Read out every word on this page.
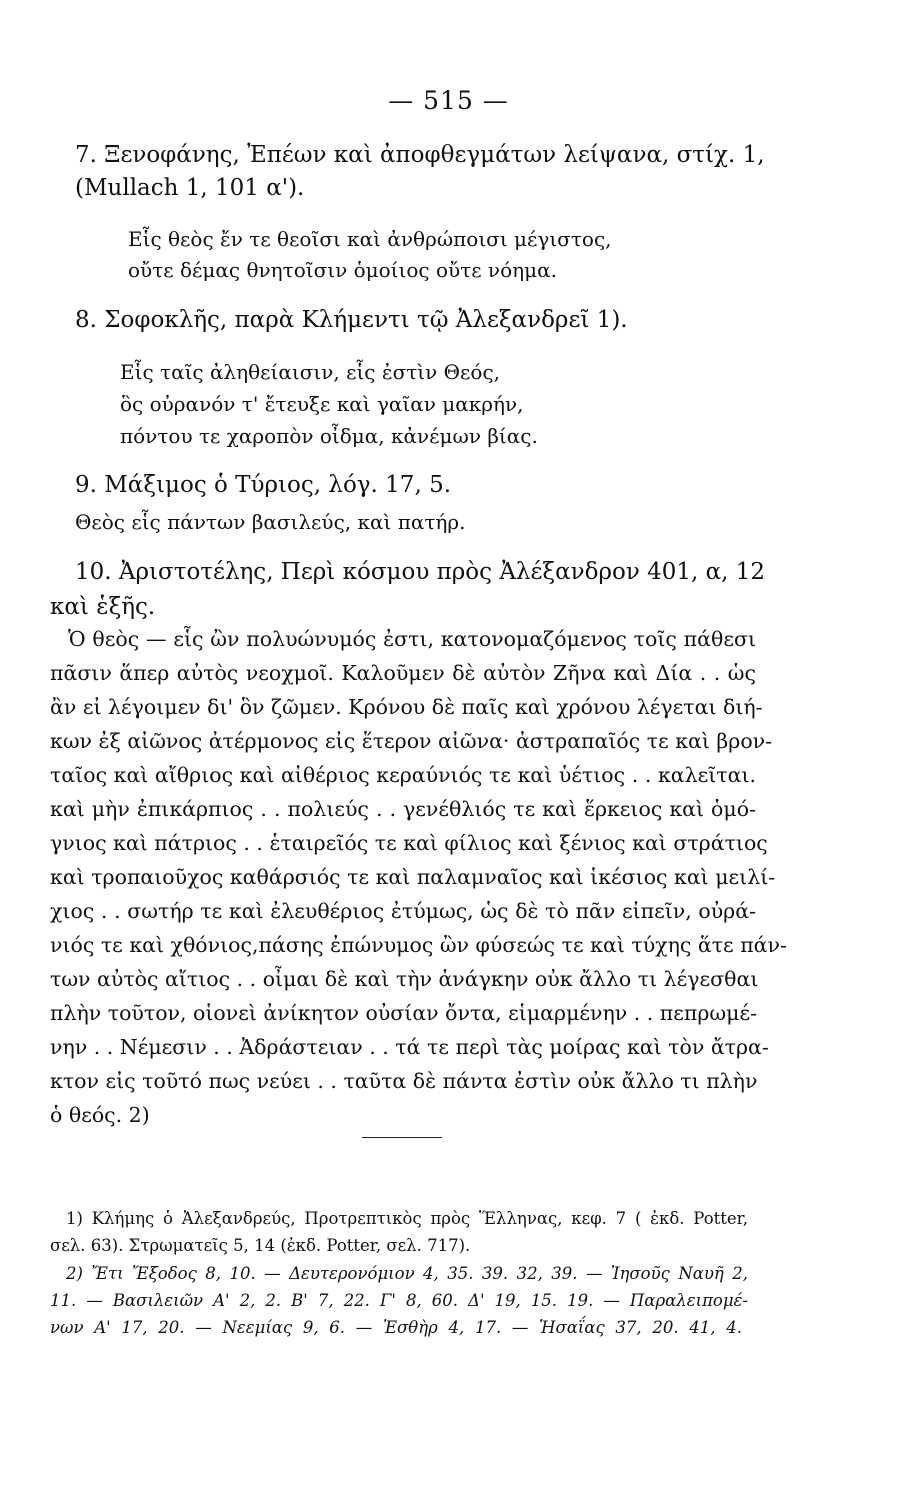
— 515 —

7. Ξενοφάνης, Ἐπέων καὶ ἀποφθεγμάτων λείψανα, στίχ. 1,

(Mullach 1, 101 α').

Εἷς θεὸς ἔν τε θεοῖσι καὶ ἀνθρώποισι μέγιστος,

οὔτε δέμας θνητοῖσιν ὁμοίιος οὔτε νόημα.

8. Σοφοκλῆς, παρὰ Κλήμεντι τῷ Ἀλεξανδρεῖ 1).

Εἷς ταῖς ἀληθείαισιν, εἷς ἐστὶν Θεός,

ὃς οὐρανόν τ' ἔτευξε καὶ γαῖαν μακρήν,

πόντου τε χαροπὸν οἶδμα, κἀνέμων βίας.

9. Μάξιμος ὁ Τύριος, λόγ. 17, 5.

Θεὸς εἷς πάντων βασιλεύς, καὶ πατήρ.

10. Ἀριστοτέλης, Περὶ κόσμου πρὸς Ἀλέξανδρον 401, α, 12

καὶ ἑξῆς.

Ὁ θεὸς — εἷς ὢν πολυώνυμός ἐστι, κατονομαζόμενος τοῖς πάθεσι

πᾶσιν ἅπερ αὐτὸς νεοχμοῖ. Καλοῦμεν δὲ αὐτὸν Ζῆνα καὶ Δία . . ὡς

ἂν εἰ λέγοιμεν δι' ὃν ζῶμεν. Κρόνου δὲ παῖς καὶ χρόνου λέγεται διή-

κων ἐξ αἰῶνος ἀτέρμονος εἰς ἕτερον αἰῶνα· ἀστραπαῖός τε καὶ βρον-

ταῖος καὶ αἴθριος καὶ αἰθέριος κεραύνιός τε καὶ ὑέτιος . . καλεῖται.

καὶ μὴν ἐπικάρπιος . . πολιεύς . . γενέθλιός τε καὶ ἕρκειος καὶ ὁμό-

γνιος καὶ πάτριος . . ἑταιρεῖός τε καὶ φίλιος καὶ ξένιος καὶ στράτιος

καὶ τροπαιοῦχος καθάρσιός τε καὶ παλαμναῖος καὶ ἱκέσιος καὶ μειλί-

χιος . . σωτήρ τε καὶ ἐλευθέριος ἐτύμως, ὡς δὲ τὸ πᾶν εἰπεῖν, οὐρά-

νιός τε καὶ χθόνιος,πάσης ἐπώνυμος ὢν φύσεώς τε καὶ τύχης ἅτε πάν-

των αὐτὸς αἴτιος . . οἶμαι δὲ καὶ τὴν ἀνάγκην οὐκ ἄλλο τι λέγεσθαι

πλὴν τοῦτον, οἱονεὶ ἀνίκητον οὐσίαν ὄντα, εἱμαρμένην . . πεπρωμέ-

νην . . Νέμεσιν . . Ἀδράστειαν . . τά τε περὶ τὰς μοίρας καὶ τὸν ἄτρα-

κτον εἰς τοῦτό πως νεύει . . ταῦτα δὲ πάντα ἐστὶν οὐκ ἄλλο τι πλὴν

ὁ θεός. 2)

1) Κλήμης ὁ Ἀλεξανδρεύς, Προτρεπτικὸς πρὸς Ἕλληνας, κεφ. 7 ( ἐκδ. Potter,

σελ. 63). Στρωματεῖς 5, 14 (ἐκδ. Potter, σελ. 717).

2) Ἔτι Ἔξοδος 8, 10. — Δευτερονόμιον 4, 35. 39. 32, 39. — Ἰησοῦς Ναυῆ 2,

11. — Βασιλειῶν Α' 2, 2. Β' 7, 22. Γ' 8, 60. Δ' 19, 15. 19. — Παραλειπομέ-

νων Α' 17, 20. — Νεεμίας 9, 6. — Ἐσθὴρ 4, 17. — Ἡσαΐας 37, 20. 41, 4.
